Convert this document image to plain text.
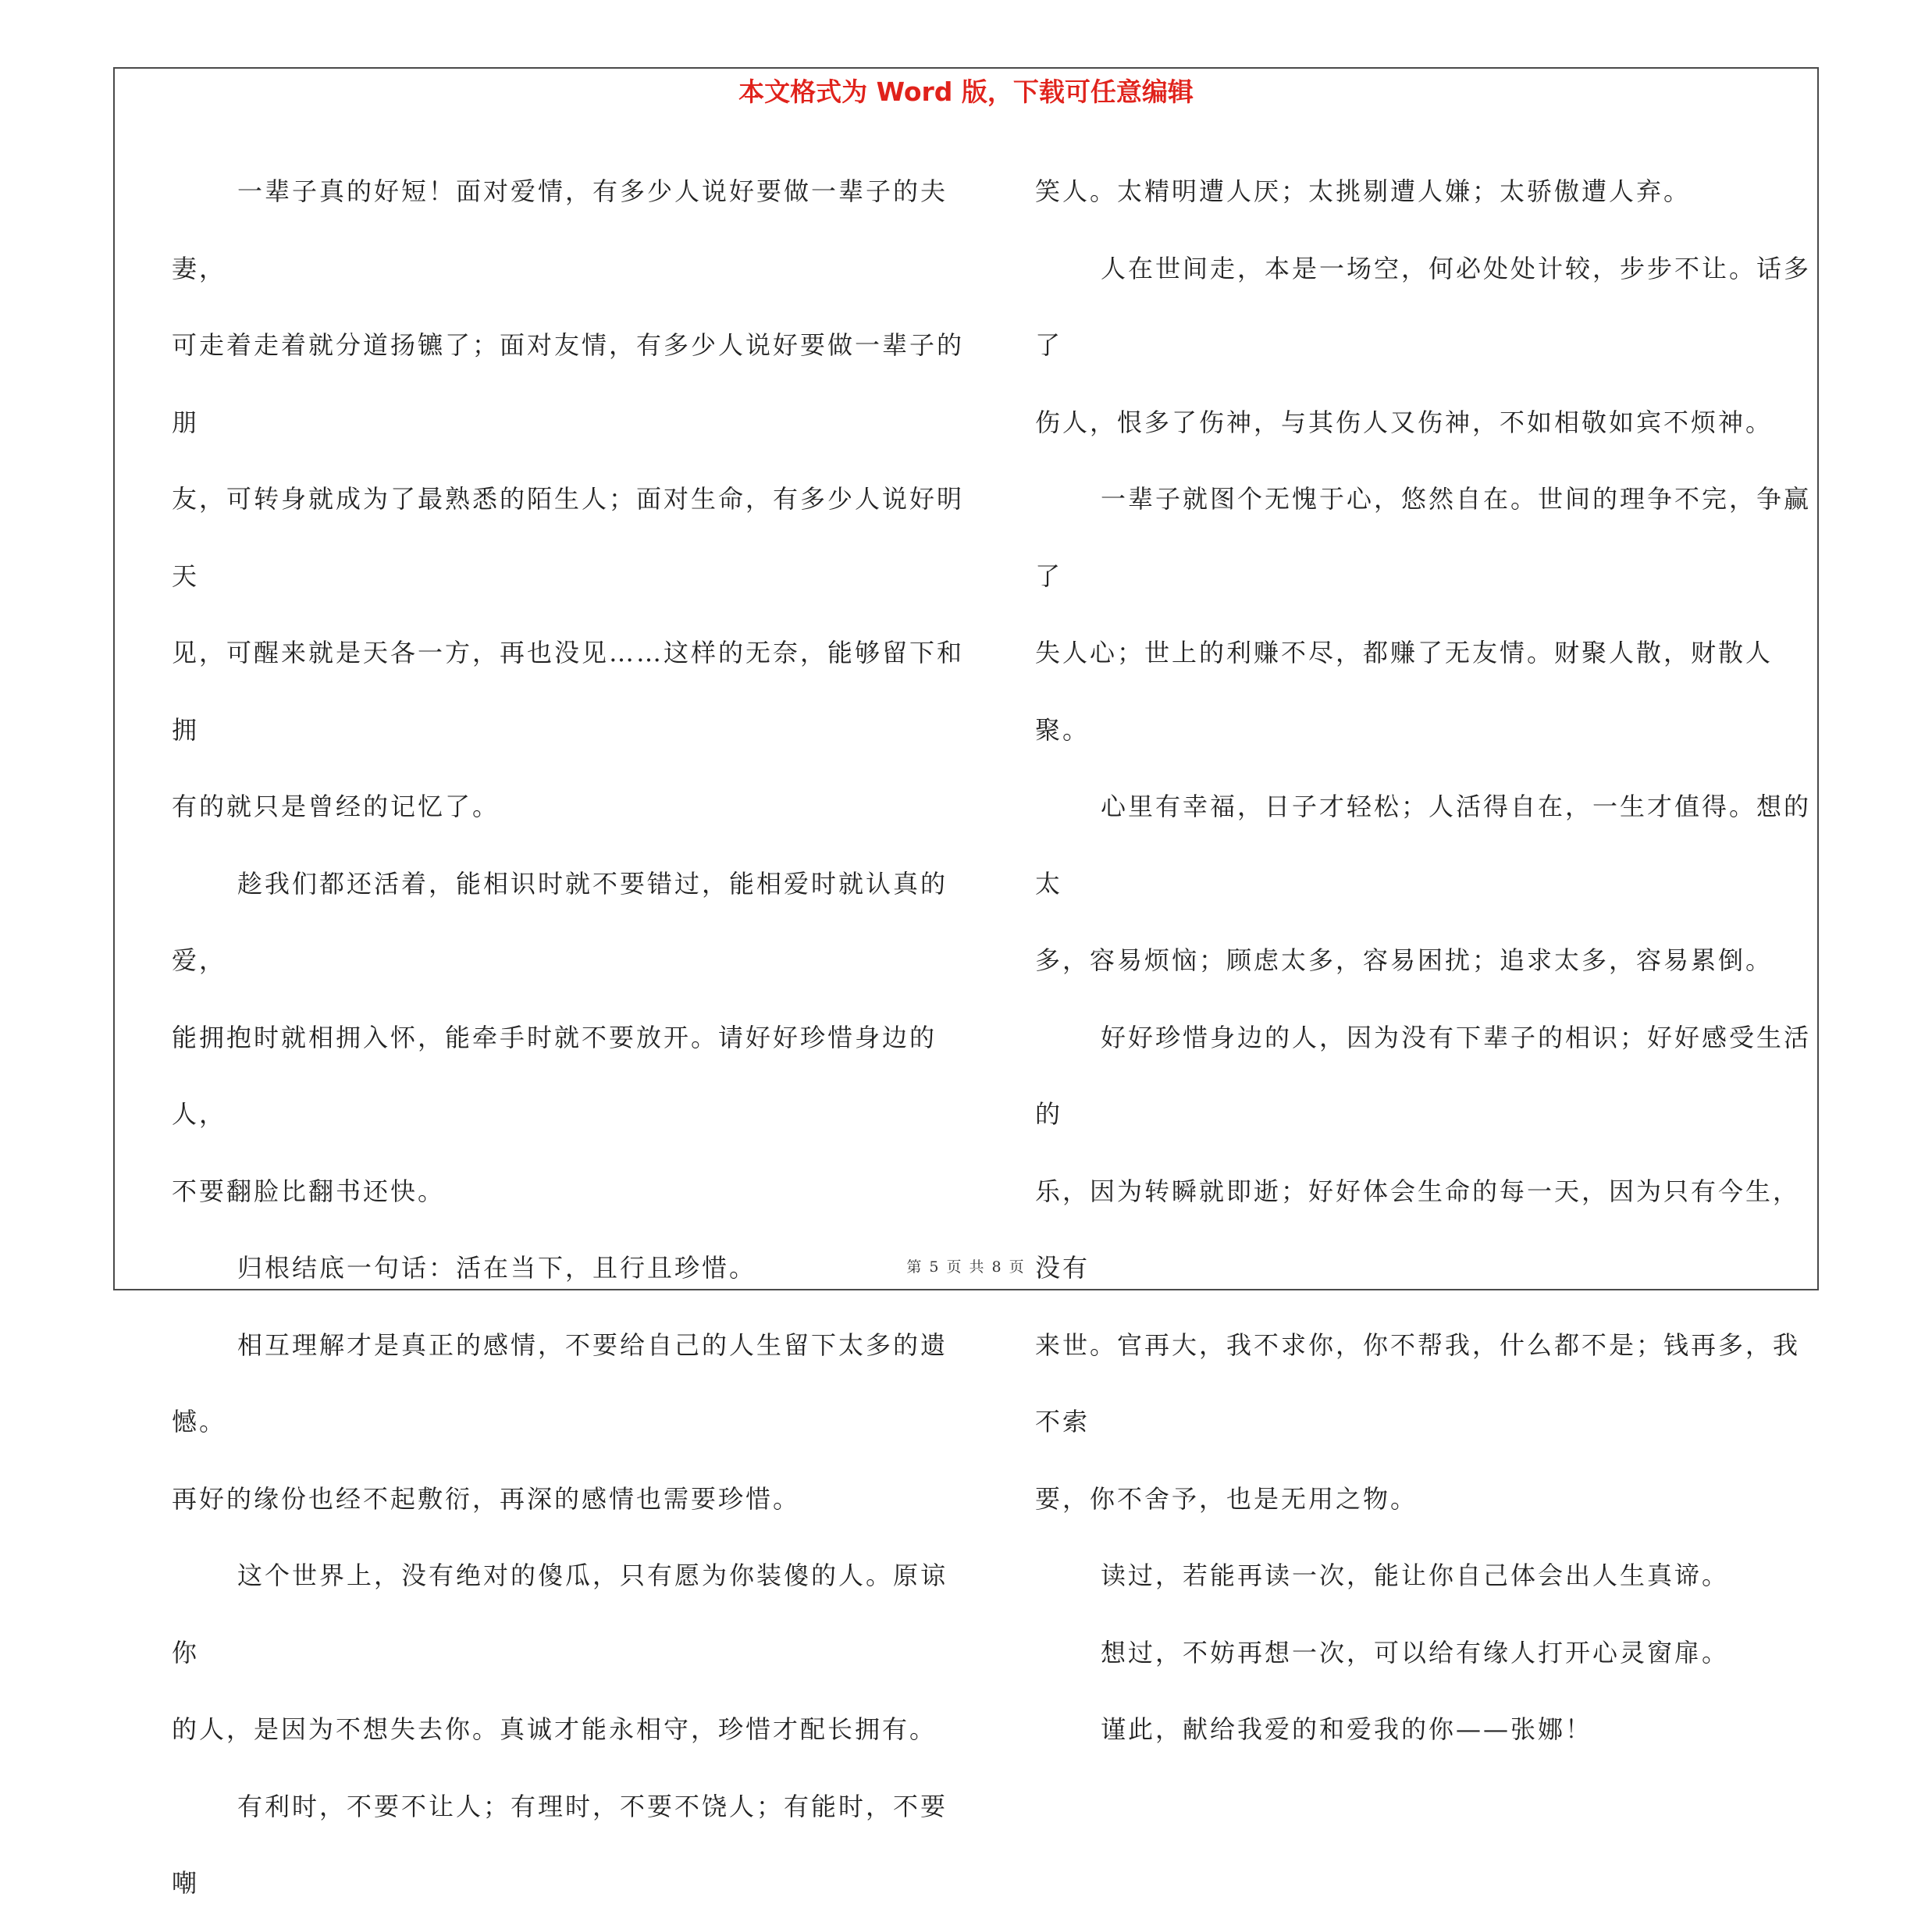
本文格式为 Word 版，下载可任意编辑

一辈子真的好短！面对爱情，有多少人说好要做一辈子的夫妻，
可走着走着就分道扬镳了；面对友情，有多少人说好要做一辈子的朋
友，可转身就成为了最熟悉的陌生人；面对生命，有多少人说好明天
见，可醒来就是天各一方，再也没见……这样的无奈，能够留下和拥
有的就只是曾经的记忆了。

趁我们都还活着，能相识时就不要错过，能相爱时就认真的爱，
能拥抱时就相拥入怀，能牵手时就不要放开。请好好珍惜身边的人，
不要翻脸比翻书还快。

归根结底一句话：活在当下，且行且珍惜。

相互理解才是真正的感情，不要给自己的人生留下太多的遗憾。
再好的缘份也经不起敷衍，再深的感情也需要珍惜。

这个世界上，没有绝对的傻瓜，只有愿为你装傻的人。原谅你
的人，是因为不想失去你。真诚才能永相守，珍惜才配长拥有。

有利时，不要不让人；有理时，不要不饶人；有能时，不要嘲

笑人。太精明遭人厌；太挑剔遭人嫌；太骄傲遭人弃。

人在世间走，本是一场空，何必处处计较，步步不让。话多了
伤人，恨多了伤神，与其伤人又伤神，不如相敬如宾不烦神。

一辈子就图个无愧于心，悠然自在。世间的理争不完，争赢了
失人心；世上的利赚不尽，都赚了无友情。财聚人散，财散人聚。

心里有幸福，日子才轻松；人活得自在，一生才值得。想的太
多，容易烦恼；顾虑太多，容易困扰；追求太多，容易累倒。

好好珍惜身边的人，因为没有下辈子的相识；好好感受生活的
乐，因为转瞬就即逝；好好体会生命的每一天，因为只有今生，没有
来世。官再大，我不求你，你不帮我，什么都不是；钱再多，我不索
要，你不舍予，也是无用之物。

读过，若能再读一次，能让你自己体会出人生真谛。

想过，不妨再想一次，可以给有缘人打开心灵窗扉。

谨此，献给我爱的和爱我的你——张娜！

第 5 页 共 8 页
